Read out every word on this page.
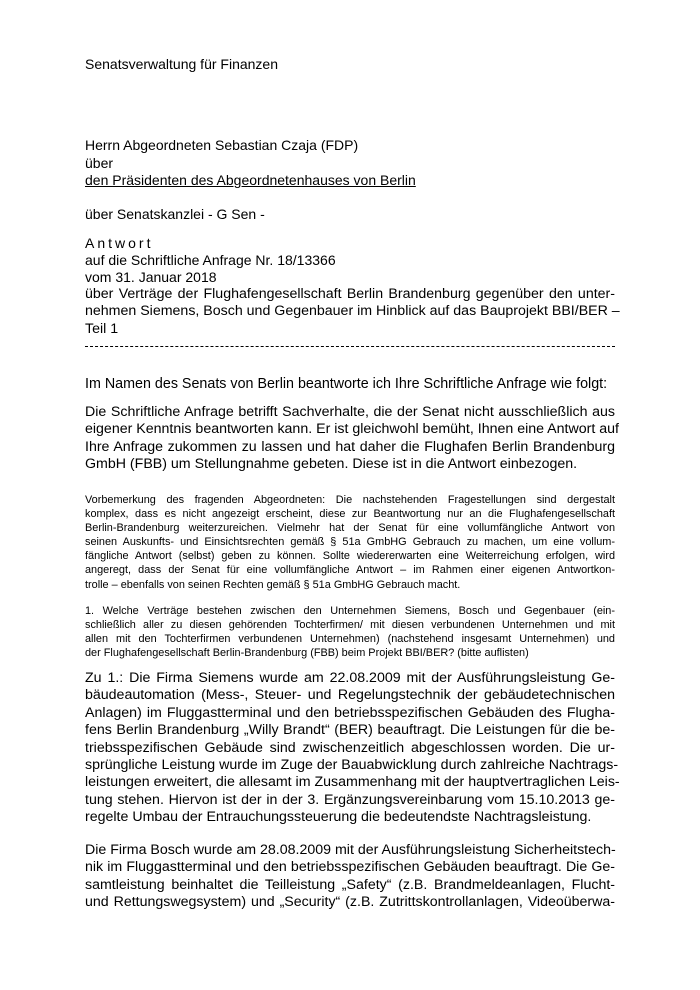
Senatsverwaltung für Finanzen

Herrn Abgeordneten Sebastian Czaja (FDP)

über

den Präsidenten des Abgeordnetenhauses von Berlin

über Senatskanzlei - G Sen -

Antwort

auf die Schriftliche Anfrage Nr. 18/13366

vom 31. Januar 2018

über Verträge der Flughafengesellschaft Berlin Brandenburg gegenüber den unter-

nehmen Siemens, Bosch und Gegenbauer im Hinblick auf das Bauprojekt BBI/BER –

Teil 1

Im Namen des Senats von Berlin beantworte ich Ihre Schriftliche Anfrage wie folgt:

Die Schriftliche Anfrage betrifft Sachverhalte, die der Senat nicht ausschließlich aus

eigener Kenntnis beantworten kann. Er ist gleichwohl bemüht, Ihnen eine Antwort auf

Ihre Anfrage zukommen zu lassen und hat daher die Flughafen Berlin Brandenburg

GmbH (FBB) um Stellungnahme gebeten. Diese ist in die Antwort einbezogen.

Vorbemerkung des fragenden Abgeordneten: Die nachstehenden Fragestellungen sind dergestalt

komplex, dass es nicht angezeigt erscheint, diese zur Beantwortung nur an die Flughafengesellschaft

Berlin-Brandenburg weiterzureichen. Vielmehr hat der Senat für eine vollumfängliche Antwort von

seinen Auskunfts- und Einsichtsrechten gemäß § 51a GmbHG Gebrauch zu machen, um eine vollum-

fängliche Antwort (selbst) geben zu können. Sollte wiedererwarten eine Weiterreichung erfolgen, wird

angeregt, dass der Senat für eine vollumfängliche Antwort – im Rahmen einer eigenen Antwortkon-

trolle – ebenfalls von seinen Rechten gemäß § 51a GmbHG Gebrauch macht.

1. Welche Verträge bestehen zwischen den Unternehmen Siemens, Bosch und Gegenbauer (ein-

schließlich aller zu diesen gehörenden Tochterfirmen/ mit diesen verbundenen Unternehmen und mit

allen mit den Tochterfirmen verbundenen Unternehmen) (nachstehend insgesamt Unternehmen) und

der Flughafengesellschaft Berlin-Brandenburg (FBB) beim Projekt BBI/BER? (bitte auflisten)

Zu 1.: Die Firma Siemens wurde am 22.08.2009 mit der Ausführungsleistung Ge-

bäudeautomation (Mess-, Steuer- und Regelungstechnik der gebäudetechnischen

Anlagen) im Fluggastterminal und den betriebsspezifischen Gebäuden des Flugha-

fens Berlin Brandenburg „Willy Brandt“ (BER) beauftragt. Die Leistungen für die be-

triebsspezifischen Gebäude sind zwischenzeitlich abgeschlossen worden. Die ur-

sprüngliche Leistung wurde im Zuge der Bauabwicklung durch zahlreiche Nachtrags-

leistungen erweitert, die allesamt im Zusammenhang mit der hauptvertraglichen Leis-

tung stehen. Hiervon ist der in der 3. Ergänzungsvereinbarung vom 15.10.2013 ge-

regelte Umbau der Entrauchungssteuerung die bedeutendste Nachtragsleistung.

Die Firma Bosch wurde am 28.08.2009 mit der Ausführungsleistung Sicherheitstech-

nik im Fluggastterminal und den betriebsspezifischen Gebäuden beauftragt. Die Ge-

samtleistung beinhaltet die Teilleistung „Safety“ (z.B. Brandmeldeanlagen, Flucht-

und Rettungswegsystem) und „Security“ (z.B. Zutrittskontrollanlagen, Videoüberwa-
